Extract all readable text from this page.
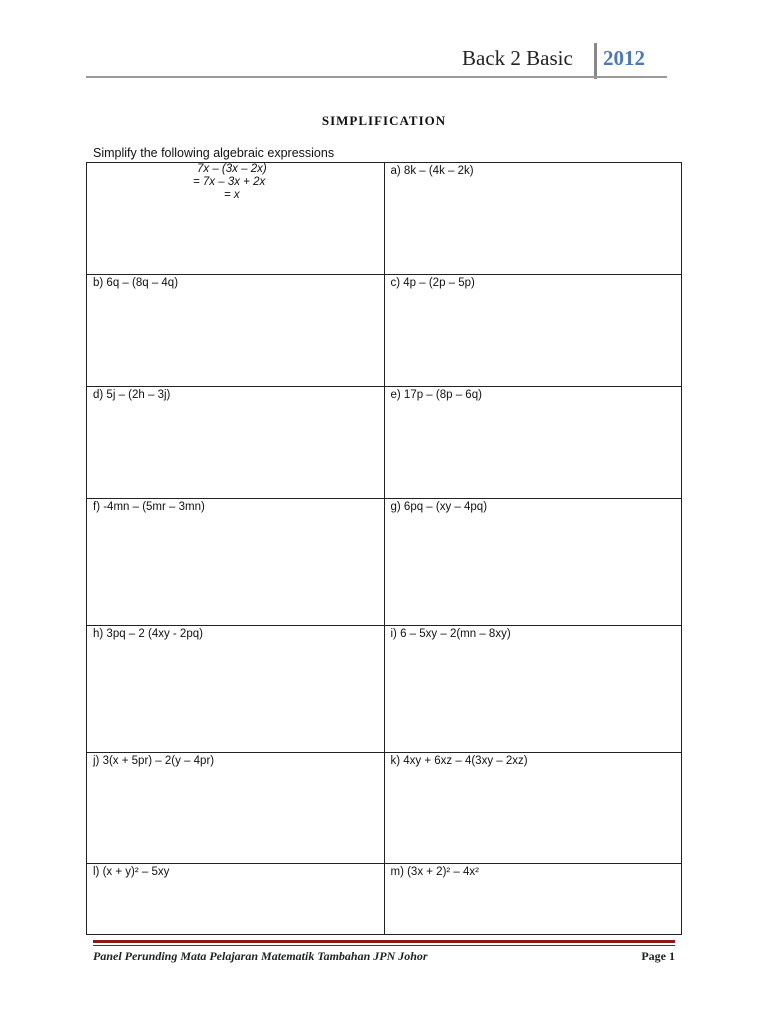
Back 2 Basic 2012
SIMPLIFICATION
Simplify the following algebraic expressions
7x – (3x – 2x)
= 7x – 3x + 2x
= x	a) 8k – (4k – 2k)

b) 6q – (8q – 4q)	c) 4p – (2p – 5p)

d) 5j – (2h – 3j)	e) 17p – (8p – 6q)

f) -4mn – (5mr – 3mn)	g) 6pq – (xy – 4pq)

h) 3pq – 2 (4xy - 2pq)	i) 6 – 5xy – 2(mn – 8xy)

j) 3(x + 5pr) – 2(y – 4pr)	k) 4xy + 6xz – 4(3xy – 2xz)

l) (x + y)² – 5xy	m) (3x + 2)² – 4x²
Panel Perunding Mata Pelajaran Matematik Tambahan JPN Johor	Page 1
